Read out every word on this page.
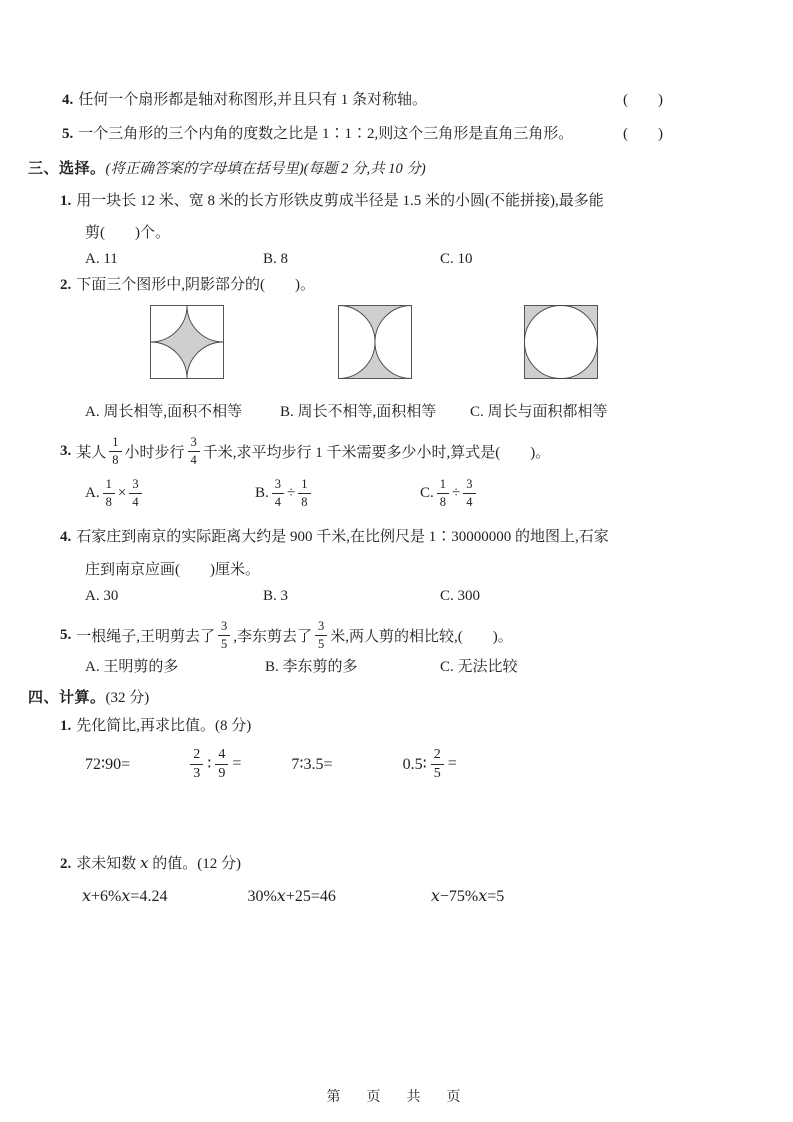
4. 任何一个扇形都是轴对称图形,并且只有 1 条对称轴。	(　　)
5. 一个三角形的三个内角的度数之比是 1∶1∶2,则这个三角形是直角三角形。	(　　)
三、选择。(将正确答案的字母填在括号里)(每题 2 分,共 10 分)
1. 用一块长 12 米、宽 8 米的长方形铁皮剪成半径是 1.5 米的小圆(不能拼接),最多能
剪(　　)个。
A. 11	B. 8	C. 10
2. 下面三个图形中,阴影部分的(　　)。
A. 周长相等,面积不相等	B. 周长不相等,面积相等	C. 周长与面积都相等
3. 某人
1
8 小时步行
3
4 千米,求平均步行 1 千米需要多少小时,算式是(　　)。
A. $\frac{1}{8} \times \frac{3}{4}$	B. $\frac{3}{4} \div \frac{1}{8}$	C. $\frac{1}{8} \div \frac{3}{4}$
4. 石家庄到南京的实际距离大约是 900 千米,在比例尺是 1∶30000000 的地图上,石家
庄到南京应画(　　)厘米。
A. 30	B. 3	C. 300
5. 一根绳子,王明剪去了
3
5 ,李东剪去了
3
5 米,两人剪的相比较,(　　)。
A. 王明剪的多	B. 李东剪的多	C. 无法比较
四、计算。(32 分)
1. 先化简比,再求比值。(8 分)
72∶90=
2
3 ∶ $\frac{4}{9}$ =	7∶3.5=	0.5∶ $\frac{2}{5}$ =
2. 求未知数 x 的值。(12 分)
x+6%x=4.24	30%x+25=46	x−75%x=5
第　页　共　页
